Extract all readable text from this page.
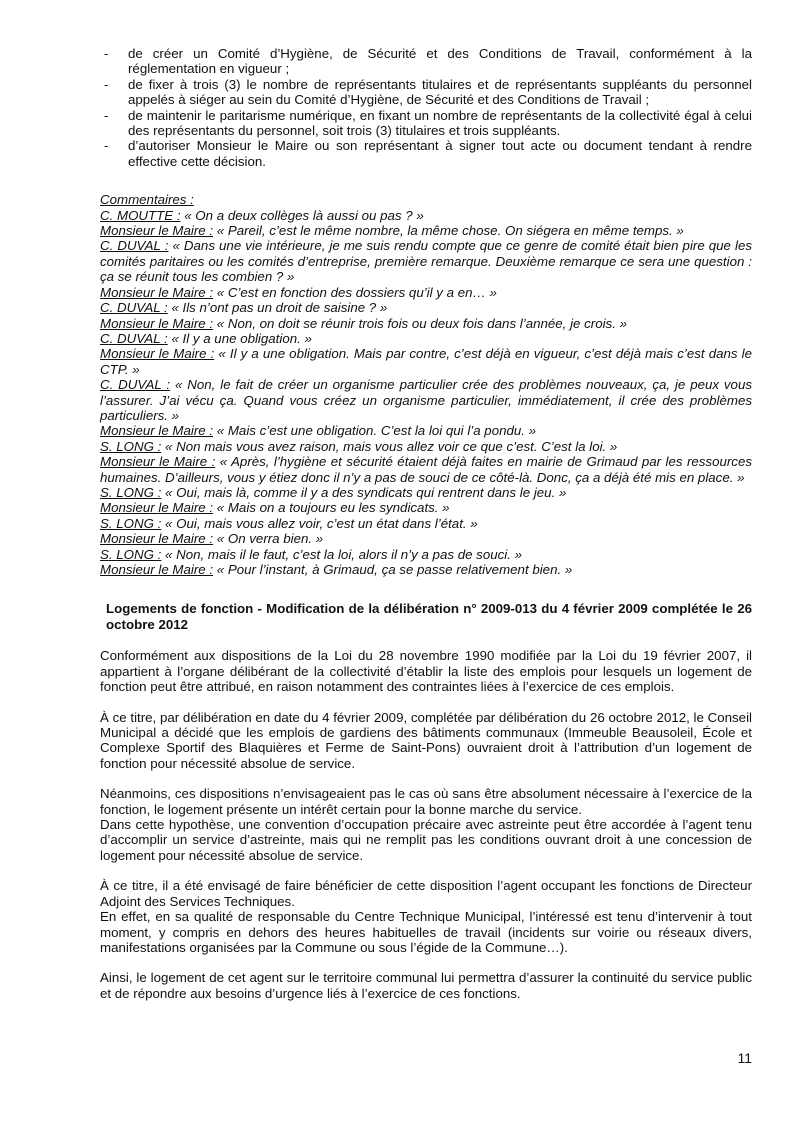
- de créer un Comité d’Hygiène, de Sécurité et des Conditions de Travail, conformément à la réglementation en vigueur ;
- de fixer à trois (3) le nombre de représentants titulaires et de représentants suppléants du personnel appelés à siéger au sein du Comité d’Hygiène, de Sécurité et des Conditions de Travail ;
- de maintenir le paritarisme numérique, en fixant un nombre de représentants de la collectivité égal à celui des représentants du personnel, soit trois (3) titulaires et trois suppléants.
- d’autoriser Monsieur le Maire ou son représentant à signer tout acte ou document tendant à rendre effective cette décision.
Commentaires :
C. MOUTTE : « On a deux collèges là aussi ou pas ? »
Monsieur le Maire : « Pareil, c’est le même nombre, la même chose. On siégera en même temps. »
C. DUVAL : « Dans une vie intérieure, je me suis rendu compte que ce genre de comité était bien pire que les comités paritaires ou les comités d’entreprise, première remarque. Deuxième remarque ce sera une question : ça se réunit tous les combien ? »
Monsieur le Maire : « C’est en fonction des dossiers qu’il y a en… »
C. DUVAL : « Ils n’ont pas un droit de saisine ? »
Monsieur le Maire : « Non, on doit se réunir trois fois ou deux fois dans l’année, je crois. »
C. DUVAL : « Il y a une obligation. »
Monsieur le Maire : « Il y a une obligation. Mais par contre, c’est déjà en vigueur, c’est déjà mais c’est dans le CTP. »
C. DUVAL : « Non, le fait de créer un organisme particulier crée des problèmes nouveaux, ça, je peux vous l’assurer. J’ai vécu ça. Quand vous créez un organisme particulier, immédiatement, il crée des problèmes particuliers. »
Monsieur le Maire : « Mais c’est une obligation. C’est la loi qui l’a pondu. »
S. LONG : « Non mais vous avez raison, mais vous allez voir ce que c’est. C’est la loi. »
Monsieur le Maire : « Après, l’hygiène et sécurité étaient déjà faites en mairie de Grimaud par les ressources humaines. D’ailleurs, vous y étiez donc il n’y a pas de souci de ce côté-là. Donc, ça a déjà été mis en place. »
S. LONG : « Oui, mais là, comme il y a des syndicats qui rentrent dans le jeu. »
Monsieur le Maire : « Mais on a toujours eu les syndicats. »
S. LONG : « Oui, mais vous allez voir, c’est un état dans l’état. »
Monsieur le Maire : « On verra bien. »
S. LONG : « Non, mais il le faut, c’est la loi, alors il n’y a pas de souci. »
Monsieur le Maire : « Pour l’instant, à Grimaud, ça se passe relativement bien. »
Logements de fonction - Modification de la délibération n° 2009-013 du 4 février 2009 complétée le 26 octobre 2012

Conformément aux dispositions de la Loi du 28 novembre 1990 modifiée par la Loi du 19 février 2007, il appartient à l’organe délibérant de la collectivité d’établir la liste des emplois pour lesquels un logement de fonction peut être attribué, en raison notamment des contraintes liées à l’exercice de ces emplois.

À ce titre, par délibération en date du 4 février 2009, complétée par délibération du 26 octobre 2012, le Conseil Municipal a décidé que les emplois de gardiens des bâtiments communaux (Immeuble Beausoleil, École et Complexe Sportif des Blaquières et Ferme de Saint-Pons) ouvraient droit à l’attribution d’un logement de fonction pour nécessité absolue de service.

Néanmoins, ces dispositions n’envisageaient pas le cas où sans être absolument nécessaire à l’exercice de la fonction, le logement présente un intérêt certain pour la bonne marche du service.

Dans cette hypothèse, une convention d’occupation précaire avec astreinte peut être accordée à l’agent tenu d’accomplir un service d’astreinte, mais qui ne remplit pas les conditions ouvrant droit à une concession de logement pour nécessité absolue de service.

À ce titre, il a été envisagé de faire bénéficier de cette disposition l’agent occupant les fonctions de Directeur Adjoint des Services Techniques.

En effet, en sa qualité de responsable du Centre Technique Municipal, l’intéressé est tenu d’intervenir à tout moment, y compris en dehors des heures habituelles de travail (incidents sur voirie ou réseaux divers, manifestations organisées par la Commune ou sous l’égide de la Commune…).

Ainsi, le logement de cet agent sur le territoire communal lui permettra d’assurer la continuité du service public et de répondre aux besoins d’urgence liés à l’exercice de ces fonctions.

11
